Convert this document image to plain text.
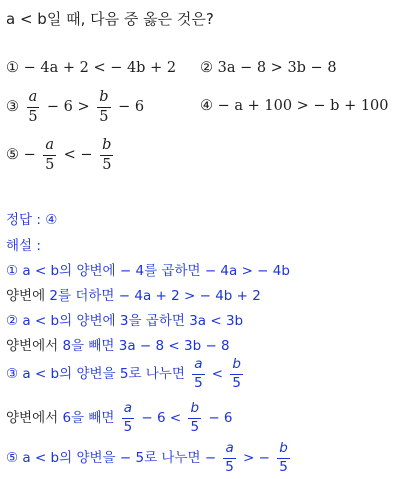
a < b일 때, 다음 중 옳은 것은?
① − 4a + 2 < − 4b + 2 ② 3a − 8 > 3b − 8
③ $\frac{a}{5} - 6 > \frac{b}{5} - 6$	④ − a + 100 > − b + 100
⑤ − $\frac{a}{5}$ < − $\frac{b}{5}$
정답 : ④
해설 :
① a < b의 양변에 − 4를 곱하면 − 4a > − 4b
양변에 2를 더하면 − 4a + 2 > − 4b + 2
② a < b의 양변에 3을 곱하면 3a < 3b
양변에서 8을 빼면 3a − 8 < 3b − 8
③ a < b의 양변을 5로 나누면 $\frac{a}{5} < \frac{b}{5}$
양변에서 6을 빼면 $\frac{a}{5} - 6 < \frac{b}{5} - 6$
⑤ a < b의 양변을 − 5로 나누면 − $\frac{a}{5}$ > − $\frac{b}{5}$
